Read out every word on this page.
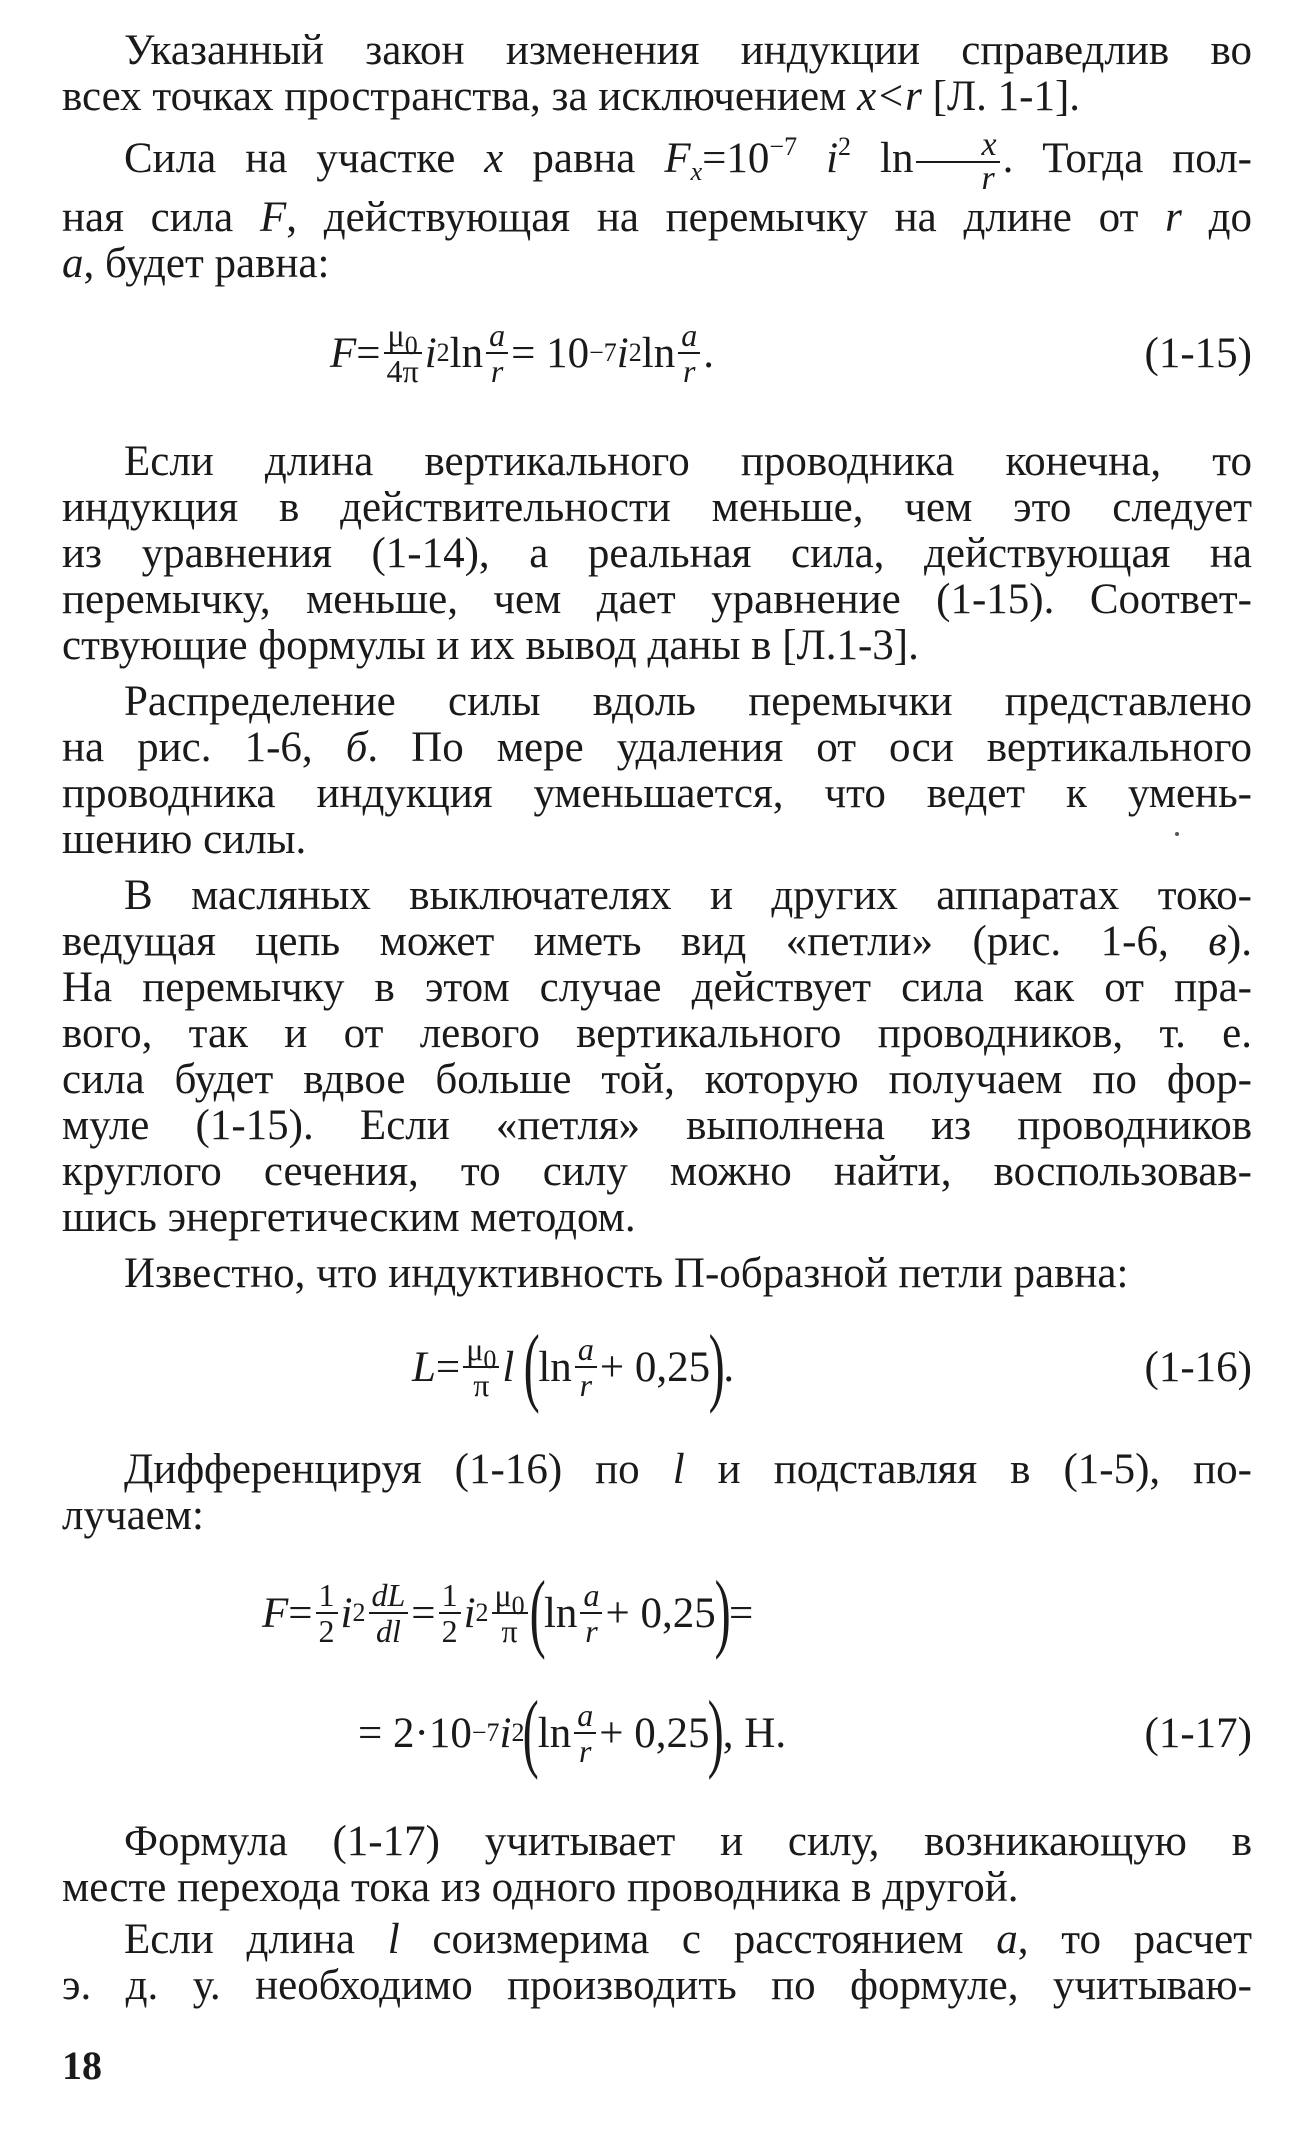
Указанный закон изменения индукции справедлив во

всех точках пространства, за исключением x<r [Л. 1-1].

Сила на участке x равна $F_x=10^{-7}$ $i^2$ $\ln \frac{x}{r}$ . Тогда пол-

ная сила F, действующая на перемычку на длине от r до

a, будет равна:

$F = \frac{\mu_0}{4\pi}$ i 2 $\ln \frac{a}{r} = 10 -7$ i 2 $\ln \frac{a}{r}$ .	(1-15)

Если длина вертикального проводника конечна, то

индукция в действительности меньше, чем это следует

из уравнения (1-14), а реальная сила, действующая на

перемычку, меньше, чем дает уравнение (1-15). Соответ-

ствующие формулы и их вывод даны в [Л.1-3].

Распределение силы вдоль перемычки представлено

на рис. 1-6, б. По мере удаления от оси вертикального

проводника индукция уменьшается, что ведет к умень-

шению силы.

В масляных выключателях и других аппаратах токо-

ведущая цепь может иметь вид «петли» (рис. 1-6, в).

На перемычку в этом случае действует сила как от пра-

вого, так и от левого вертикального проводников, т. е.

сила будет вдвое больше той, которую получаем по фор-

муле (1-15). Если «петля» выполнена из проводников

круглого сечения, то силу можно найти, воспользовав-

шись энергетическим методом.

Известно, что индуктивность П-образной петли равна:

$L = \frac{\mu_0}{\pi}$ l
(
$\ln \frac{a}{r} + 0,25$
)
.	(1-16)

Дифференцируя (1-16) по l и подставляя в (1-5), по-

лучаем:

$F = \frac{1}{2}$ i $2 \frac{dL}{dl} = \frac{1}{2}$ i $2 \frac{\mu_0}{\pi}$ (
$\ln \frac{a}{r} + 0,25$
)
=
= 2·10 −7 i 2
(
$\ln \frac{a}{r} + 0,25$
)
, Н.	(1-17)

Формула (1-17) учитывает и силу, возникающую в

месте перехода тока из одного проводника в другой.

Если длина l соизмерима с расстоянием a, то расчет

э. д. у. необходимо производить по формуле, учитываю-

18
